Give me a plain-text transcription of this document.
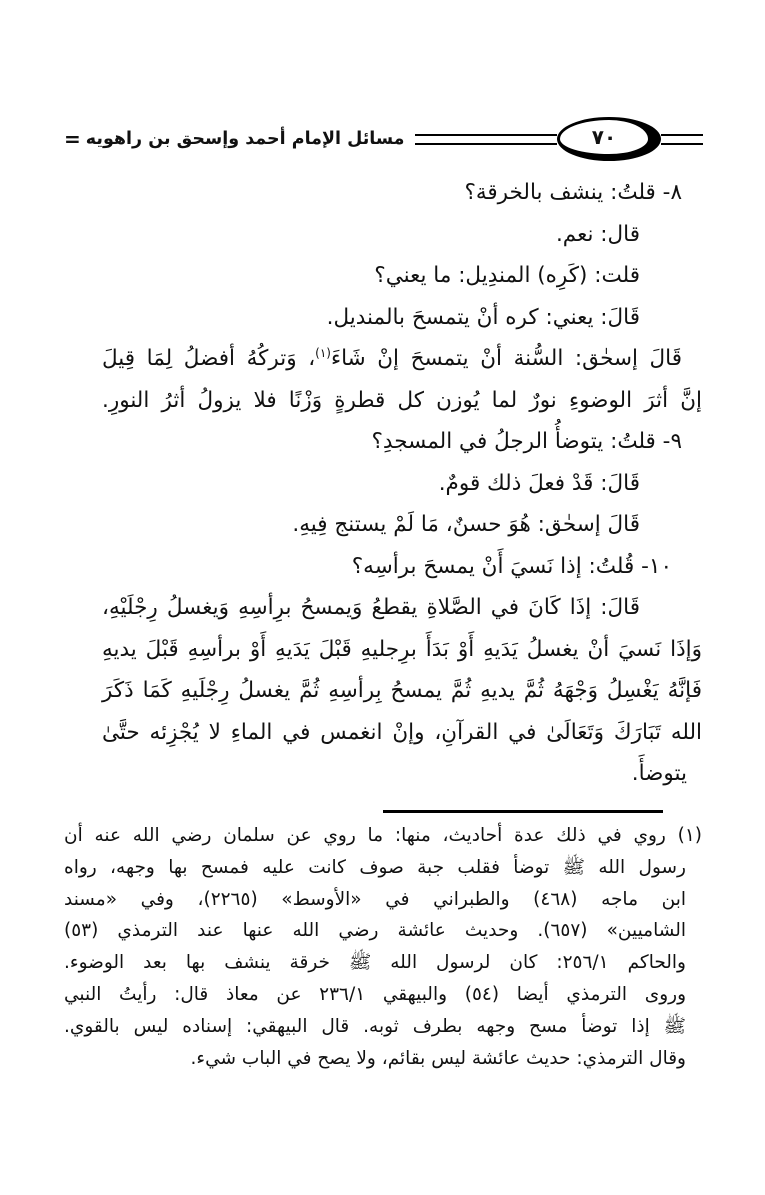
= مسائل الإمام أحمد وإسحق بن راهويه	٧٠

٨- قلتُ: ينشف بالخرقة؟

قال: نعم.

قلت: (كَرِه) المندِيل: ما يعني؟

قَالَ: يعني: كره أنْ يتمسحَ بالمنديل.

قَالَ إسحٰق: السُّنة أنْ يتمسحَ إنْ شَاءَ$^{(١)}$، وَتركُهُ أفضلُ لِمَا قِيلَ

إنَّ أثرَ الوضوءِ نورٌ لما يُوزن كل قطرةٍ وَزْنًا فلا يزولُ أثرُ النورِ.

٩- قلتُ: يتوضأُ الرجلُ في المسجدِ؟

قَالَ: قَدْ فعلَ ذلك قومٌ.

قَالَ إسحٰق: هُوَ حسنٌ، مَا لَمْ يستنج فِيهِ.

١٠- قُلتُ: إذا نَسيَ أَنْ يمسحَ برأسِه؟

قَالَ: إذَا كَانَ في الصَّلاةِ يقطعُ وَيمسحُ برِأسِهِ وَيغسلُ رِجْلَيْهِ،

وَإذَا نَسيَ أنْ يغسلُ يَدَيهِ أَوْ بَدَأَ برِجليهِ قَبْلَ يَدَيهِ أَوْ برأسِهِ قَبْلَ يديهِ

فَإنَّهُ يَغْسِلُ وَجْهَهُ ثُمَّ يديهِ ثُمَّ يمسحُ بِرأسِهِ ثُمَّ يغسلُ رِجْلَيهِ كَمَا ذَكَرَ

الله تَبَارَكَ وَتَعَالَىٰ في القرآنِ، وإنْ انغمس في الماءِ لا يُجْزِئه حتَّىٰ

يتوضأَ.

(١) روي في ذلك عدة أحاديث، منها: ما روي عن سلمان رضي الله عنه أن

رسول الله ﷺ توضأ فقلب جبة صوف كانت عليه فمسح بها وجهه، رواه

ابن ماجه (٤٦٨) والطبراني في «الأوسط» (٢٢٦٥)، وفي «مسند

الشاميين» (٦٥٧). وحديث عائشة رضي الله عنها عند الترمذي (٥٣)

والحاكم ٢٥٦/١: كان لرسول الله ﷺ خرقة ينشف بها بعد الوضوء.

وروى الترمذي أيضا (٥٤) والبيهقي ٢٣٦/١ عن معاذ قال: رأيتُ النبي

ﷺ إذا توضأ مسح وجهه بطرف ثوبه. قال البيهقي: إسناده ليس بالقوي.

وقال الترمذي: حديث عائشة ليس بقائم، ولا يصح في الباب شيء.
